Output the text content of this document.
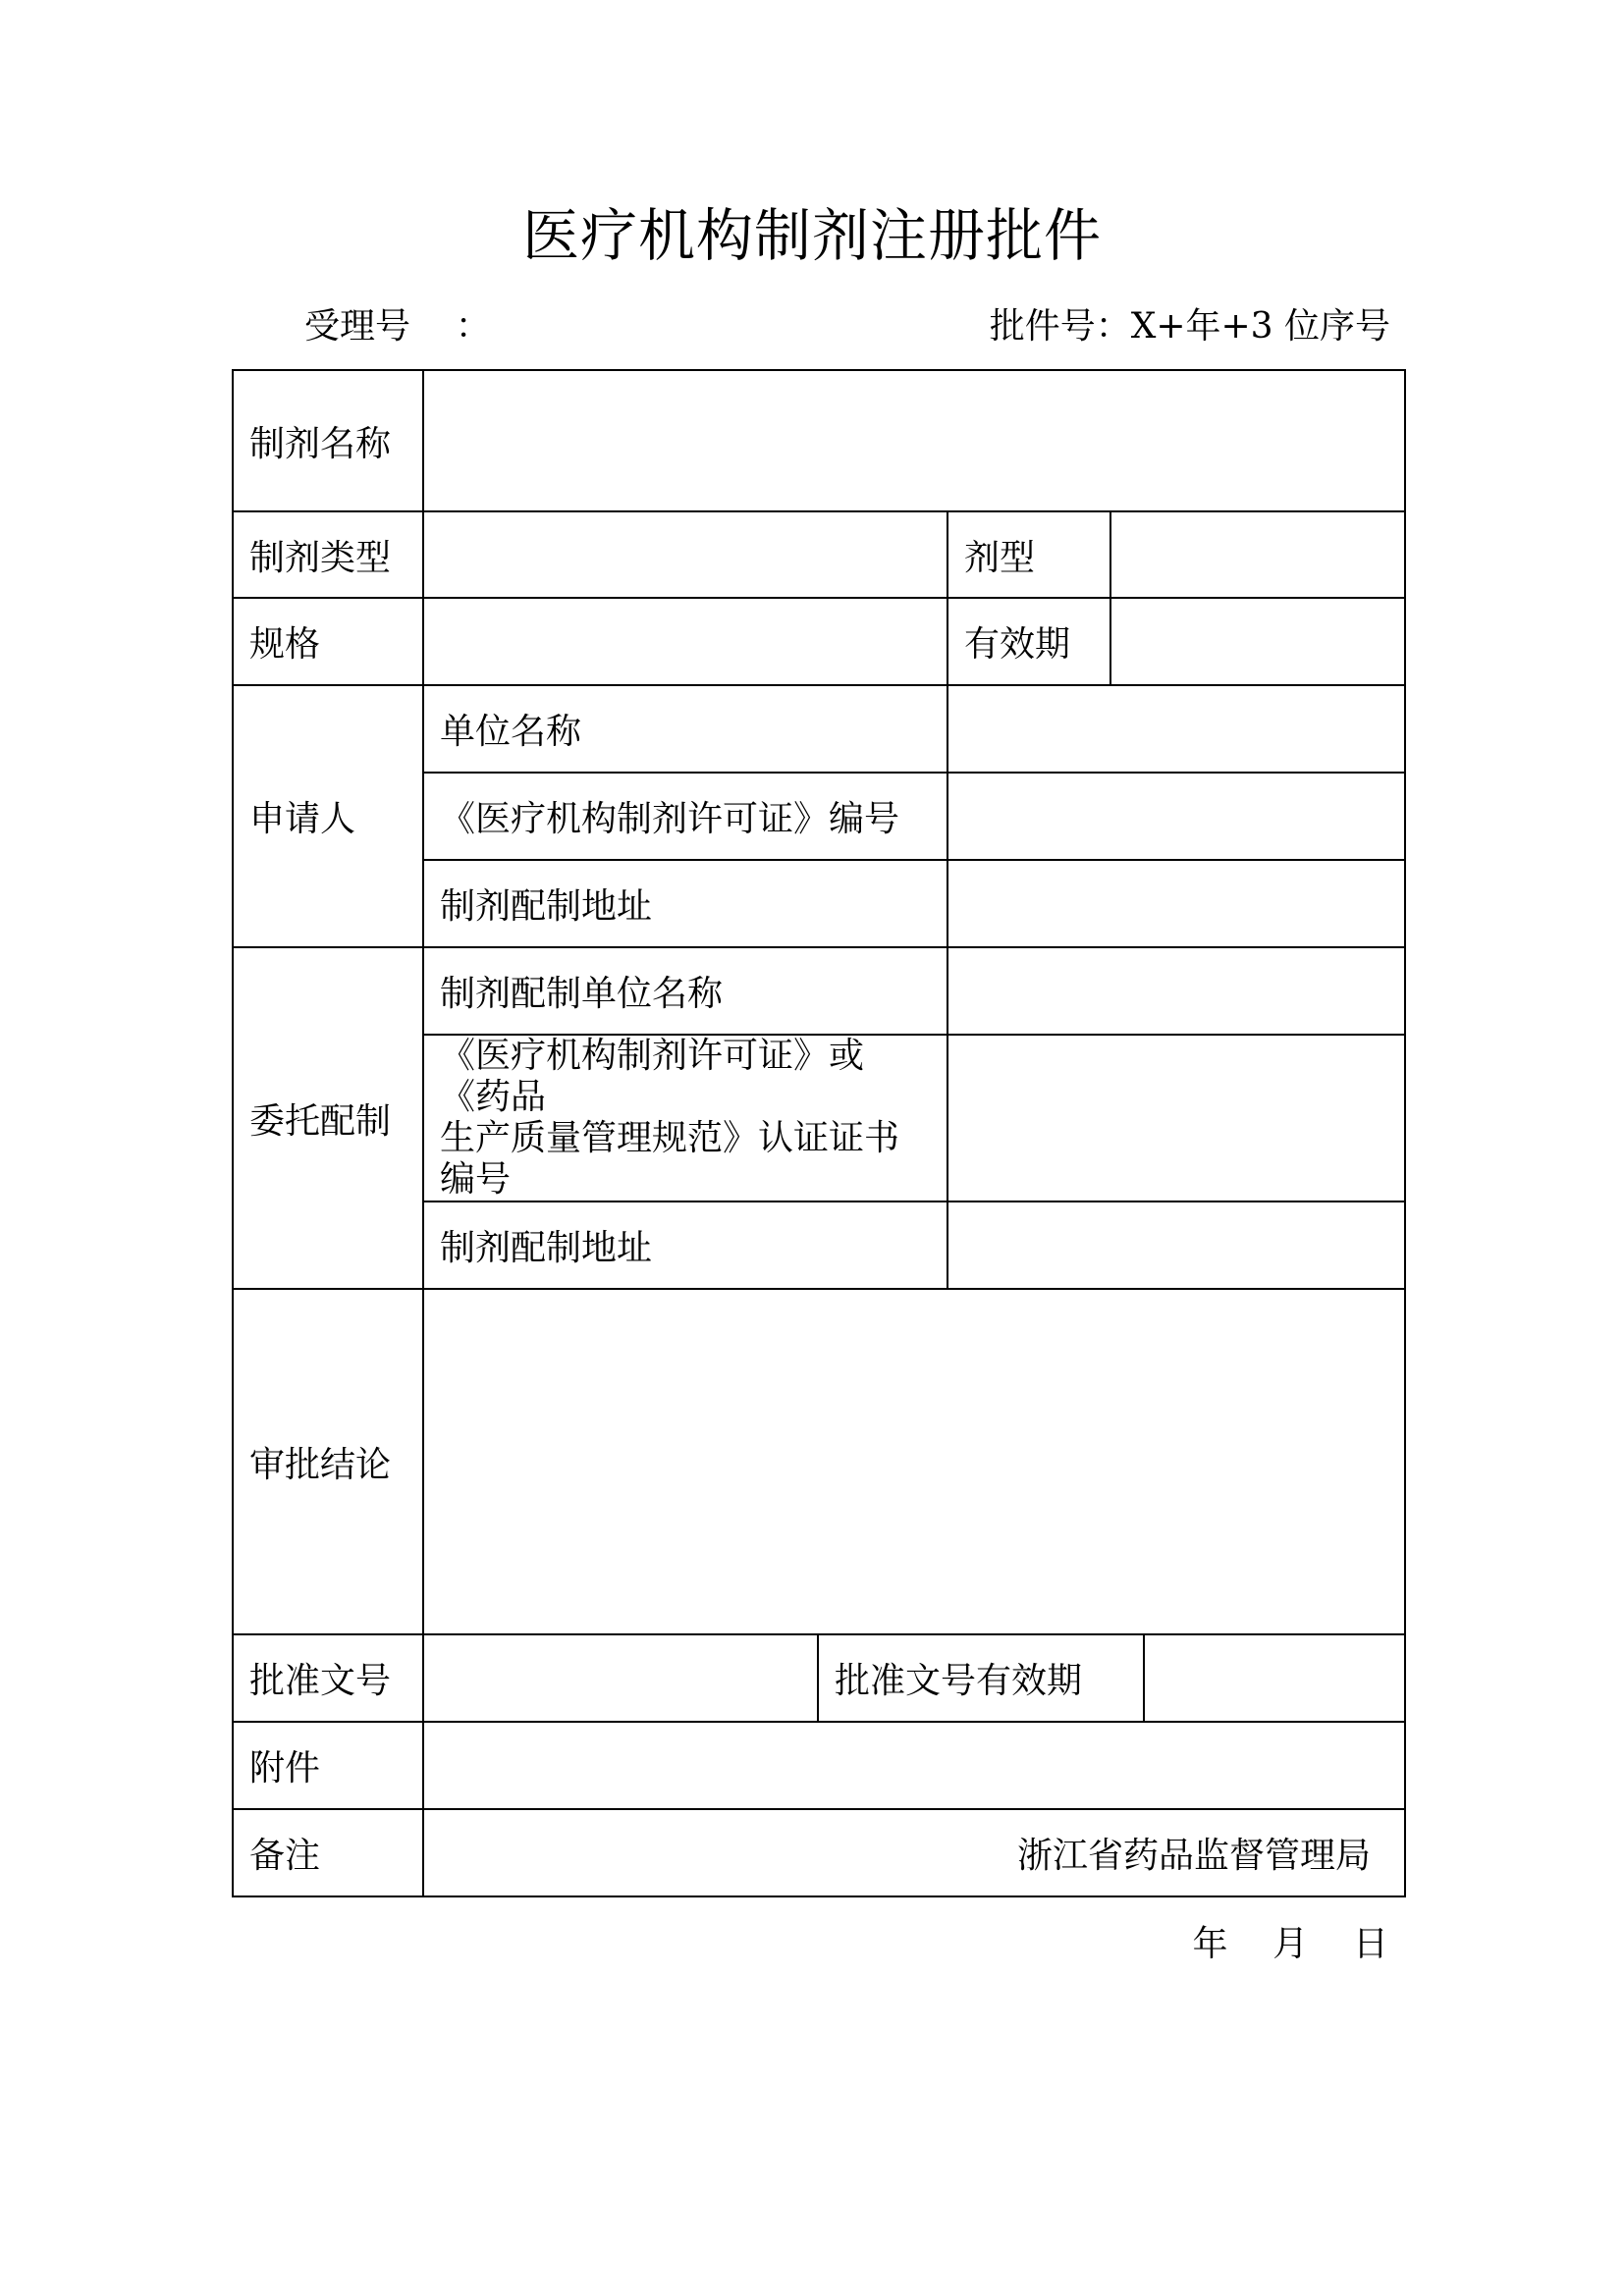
医疗机构制剂注册批件
受理号    ：	批件号：X+年+3 位序号
制剂名称					
制剂类型			剂型		
规格			有效期		
申请人	单位名称				
	《医疗机构制剂许可证》编号				
	制剂配制地址				
委托配制	制剂配制单位名称				

	《医疗机构制剂许可证》或《药品
生产质量管理规范》认证证书编号				

	制剂配制地址				
审批结论					
批准文号		批准文号有效期			
附件					
备注						浙江省药品监督管理局
年    月    日
